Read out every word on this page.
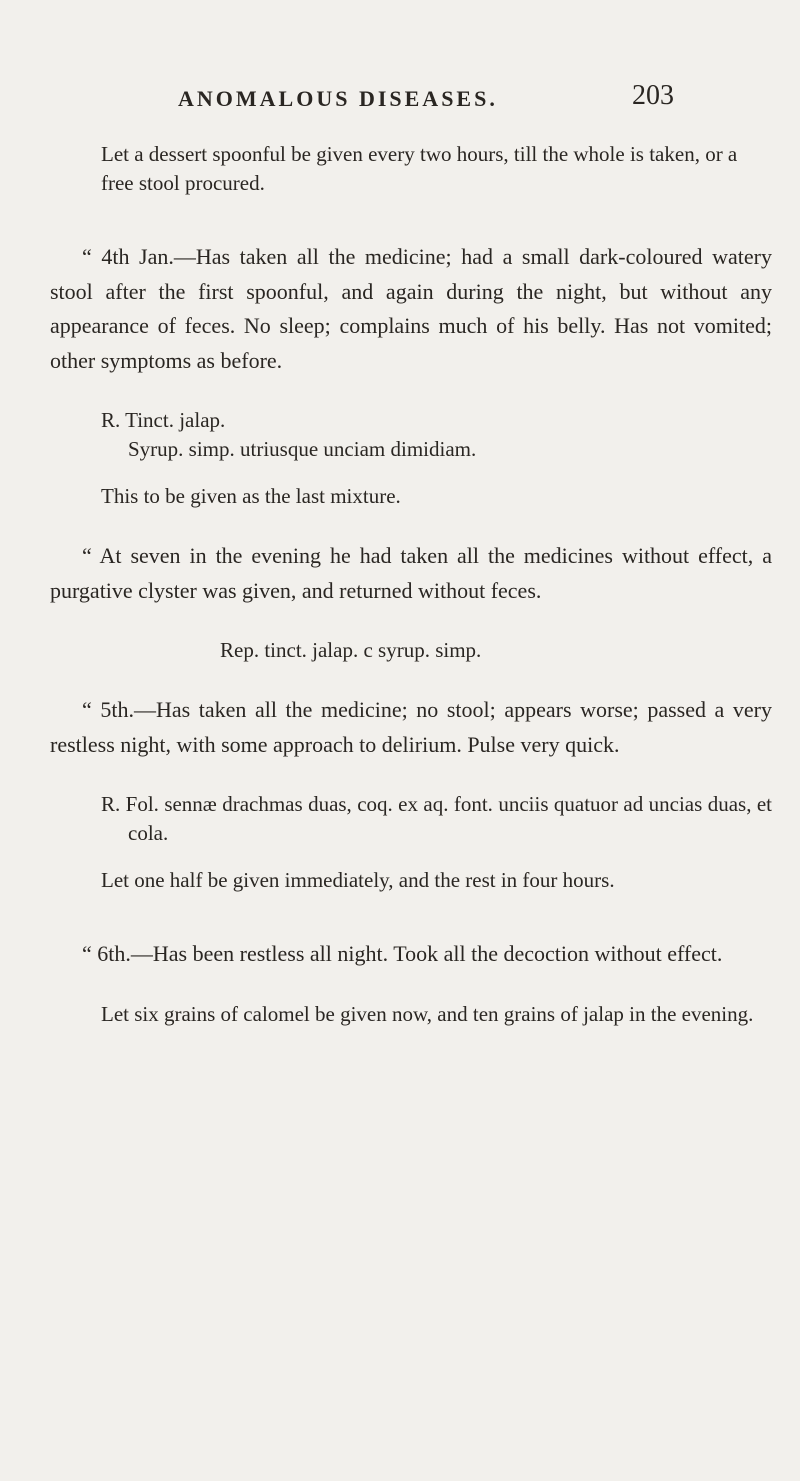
ANOMALOUS DISEASES.	203

Let a dessert spoonful be given every two hours, till the whole is taken, or a free stool procured.

“ 4th Jan.—Has taken all the medicine; had a small dark-coloured watery stool after the first spoonful, and again during the night, but without any appearance of feces. No sleep; complains much of his belly. Has not vomited; other symptoms as before.

R. Tinct. jalap.

Syrup. simp. utriusque unciam dimidiam.

This to be given as the last mixture.

“ At seven in the evening he had taken all the medicines without effect, a purgative clyster was given, and returned without feces.

Rep. tinct. jalap. c syrup. simp.

“ 5th.—Has taken all the medicine; no stool; appears worse; passed a very restless night, with some approach to delirium. Pulse very quick.

R. Fol. sennæ drachmas duas, coq. ex aq. font. unciis quatuor ad uncias duas, et cola.

Let one half be given immediately, and the rest in four hours.

“ 6th.—Has been restless all night. Took all the decoction without effect.

Let six grains of calomel be given now, and ten grains of jalap in the evening.
